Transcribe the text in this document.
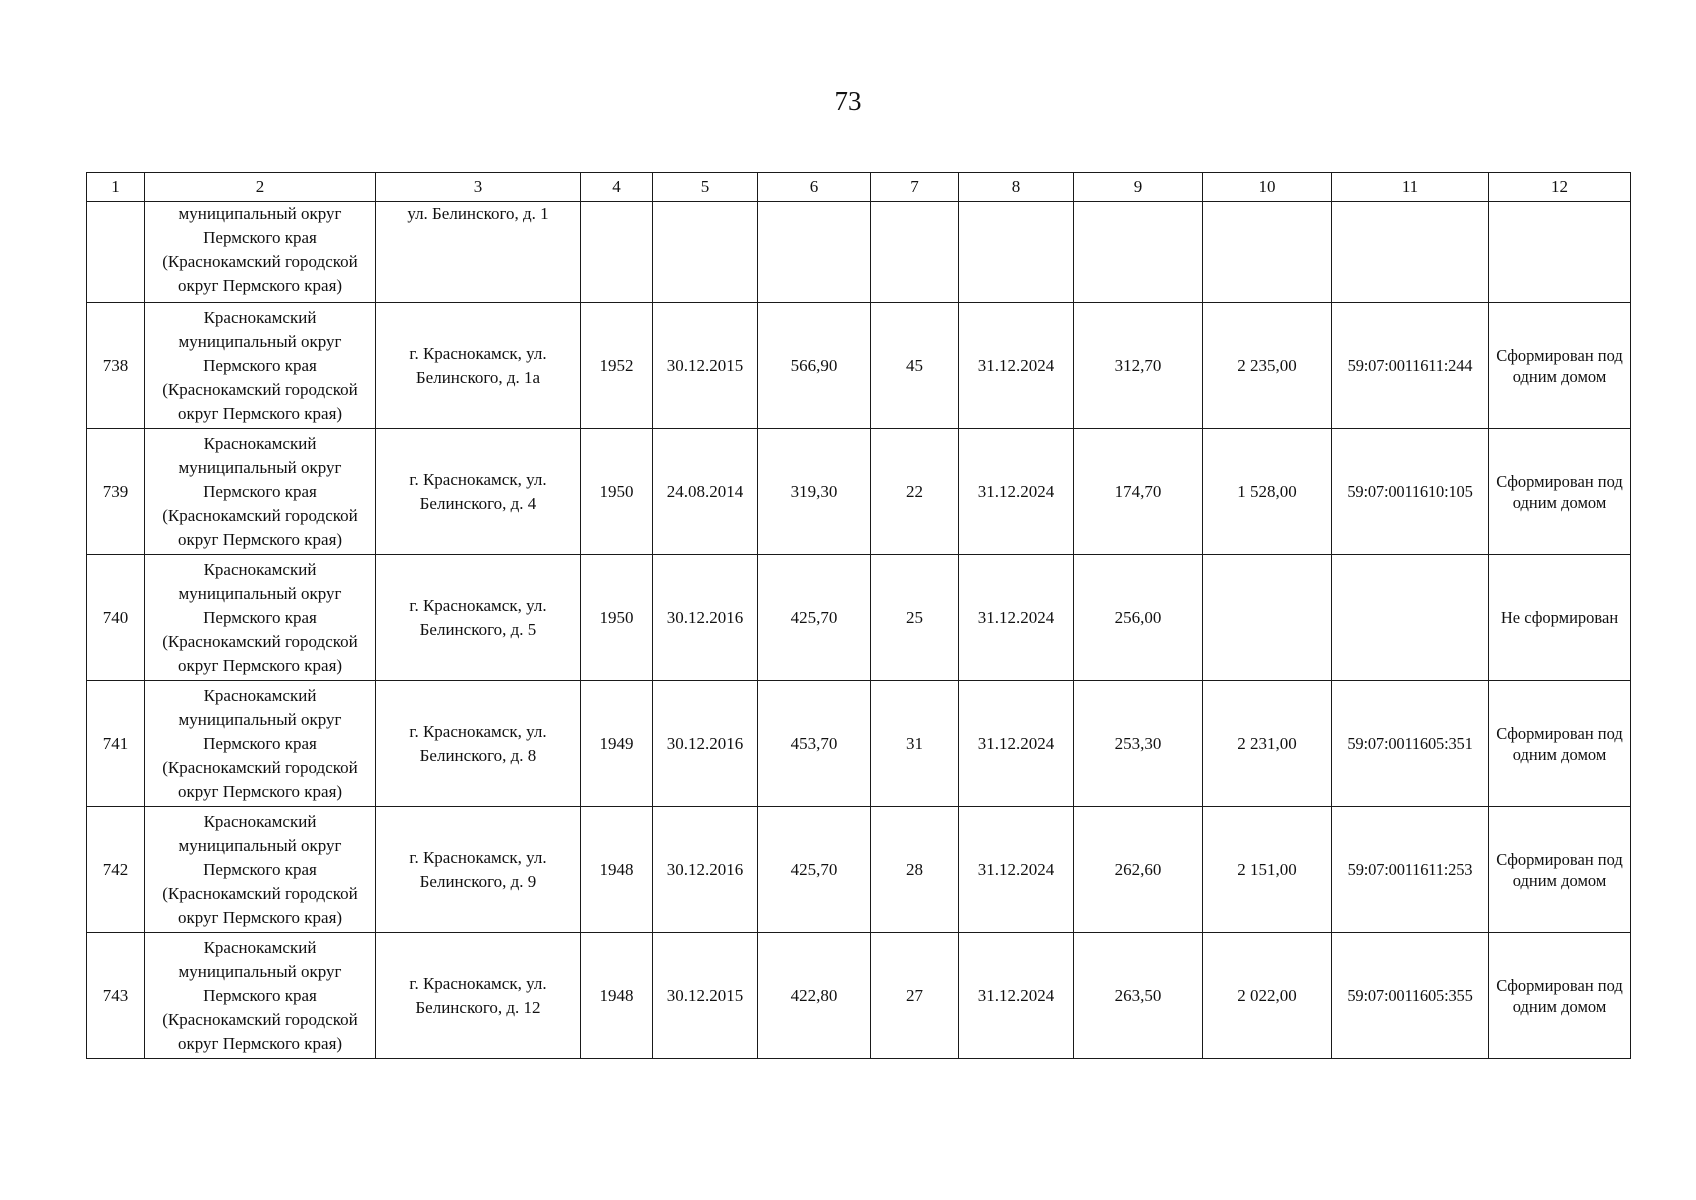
73
1	2	3	4	5	6	7	8	9	10	11	12
	муниципальный округ Пермского края (Краснокамский городской округ Пермского края)	ул. Белинского, д. 1									
738	Краснокамский муниципальный округ Пермского края (Краснокамский городской округ Пермского края)	г. Краснокамск, ул. Белинского, д. 1а	1952	30.12.2015	566,90	45	31.12.2024	312,70	2 235,00	59:07:0011611:244	Сформирован под одним домом
739	Краснокамский муниципальный округ Пермского края (Краснокамский городской округ Пермского края)	г. Краснокамск, ул. Белинского, д. 4	1950	24.08.2014	319,30	22	31.12.2024	174,70	1 528,00	59:07:0011610:105	Сформирован под одним домом
740	Краснокамский муниципальный округ Пермского края (Краснокамский городской округ Пермского края)	г. Краснокамск, ул. Белинского, д. 5	1950	30.12.2016	425,70	25	31.12.2024	256,00			Не сформирован
741	Краснокамский муниципальный округ Пермского края (Краснокамский городской округ Пермского края)	г. Краснокамск, ул. Белинского, д. 8	1949	30.12.2016	453,70	31	31.12.2024	253,30	2 231,00	59:07:0011605:351	Сформирован под одним домом
742	Краснокамский муниципальный округ Пермского края (Краснокамский городской округ Пермского края)	г. Краснокамск, ул. Белинского, д. 9	1948	30.12.2016	425,70	28	31.12.2024	262,60	2 151,00	59:07:0011611:253	Сформирован под одним домом
743	Краснокамский муниципальный округ Пермского края (Краснокамский городской округ Пермского края)	г. Краснокамск, ул. Белинского, д. 12	1948	30.12.2015	422,80	27	31.12.2024	263,50	2 022,00	59:07:0011605:355	Сформирован под одним домом
